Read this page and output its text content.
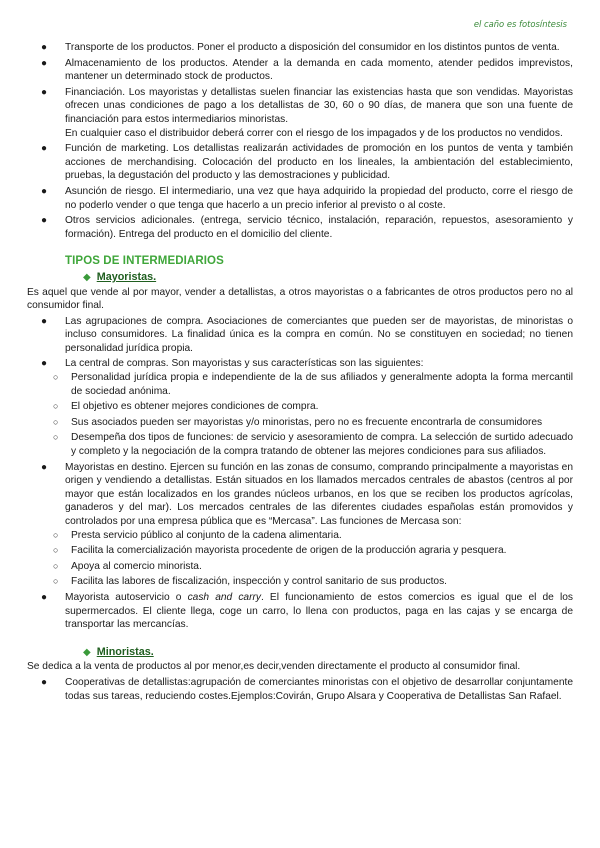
el caño es fotosíntesis
● Transporte de los productos. Poner el producto a disposición del consumidor en los distintos puntos de venta.
● Almacenamiento de los productos. Atender a la demanda en cada momento, atender pedidos imprevistos, mantener un determinado stock de productos.
● Financiación. Los mayoristas y detallistas suelen financiar las existencias hasta que son vendidas. Mayoristas ofrecen unas condiciones de pago a los detallistas de 30, 60 o 90 días, de manera que son una fuente de financiación para estos intermediarios minoristas.
En cualquier caso el distribuidor deberá correr con el riesgo de los impagados y de los productos no vendidos.
● Función de marketing. Los detallistas realizarán actividades de promoción en los puntos de venta y también acciones de merchandising. Colocación del producto en los lineales, la ambientación del establecimiento, pruebas, la degustación del producto y las demostraciones y publicidad.
● Asunción de riesgo. El intermediario, una vez que haya adquirido la propiedad del producto, corre el riesgo de no poderlo vender o que tenga que hacerlo a un precio inferior al previsto o al coste.
● Otros servicios adicionales. (entrega, servicio técnico, instalación, reparación, repuestos, asesoramiento y formación). Entrega del producto en el domicilio del cliente.
TIPOS DE INTERMEDIARIOS
◆ Mayoristas.
Es aquel que vende al por mayor, vender a detallistas, a otros mayoristas o a fabricantes de otros productos pero no al consumidor final.
● Las agrupaciones de compra. Asociaciones de comerciantes que pueden ser de mayoristas, de minoristas o incluso consumidores. La finalidad única es la compra en común. No se constituyen en sociedad; no tienen personalidad jurídica propia.
● La central de compras. Son mayoristas y sus características son las siguientes:
○ Personalidad jurídica propia e independiente de la de sus afiliados y generalmente adopta la forma mercantil de sociedad anónima.
○ El objetivo es obtener mejores condiciones de compra.
○ Sus asociados pueden ser mayoristas y/o minoristas, pero no es frecuente encontrarla de consumidores
○ Desempeña dos tipos de funciones: de servicio y asesoramiento de compra. La selección de surtido adecuado y completo y la negociación de la compra tratando de obtener las mejores condiciones para sus afiliados.
● Mayoristas en destino. Ejercen su función en las zonas de consumo, comprando principalmente a mayoristas en origen y vendiendo a detallistas. Están situados en los llamados mercados centrales de abastos (centros al por mayor que están localizados en los grandes núcleos urbanos, en los que se reciben los productos agrícolas, ganaderos y del mar). Los mercados centrales de las diferentes ciudades españolas están promovidos y controlados por una empresa pública que es “Mercasa”. Las funciones de Mercasa son:
○ Presta servicio público al conjunto de la cadena alimentaria.
○ Facilita la comercialización mayorista procedente de origen de la producción agraria y pesquera.
○ Apoya al comercio minorista.
○ Facilita las labores de fiscalización, inspección y control sanitario de sus productos.
● Mayorista autoservicio o cash and carry. El funcionamiento de estos comercios es igual que el de los supermercados. El cliente llega, coge un carro, lo llena con productos, paga en las cajas y se encarga de transportar las mercancías.
◆ Minoristas.
Se dedica a la venta de productos al por menor,es decir,venden directamente el producto al consumidor final.
● Cooperativas de detallistas:agrupación de comerciantes minoristas con el objetivo de desarrollar conjuntamente todas sus tareas, reduciendo costes.Ejemplos:Covirán, Grupo Alsara y Cooperativa de Detallistas San Rafael.
